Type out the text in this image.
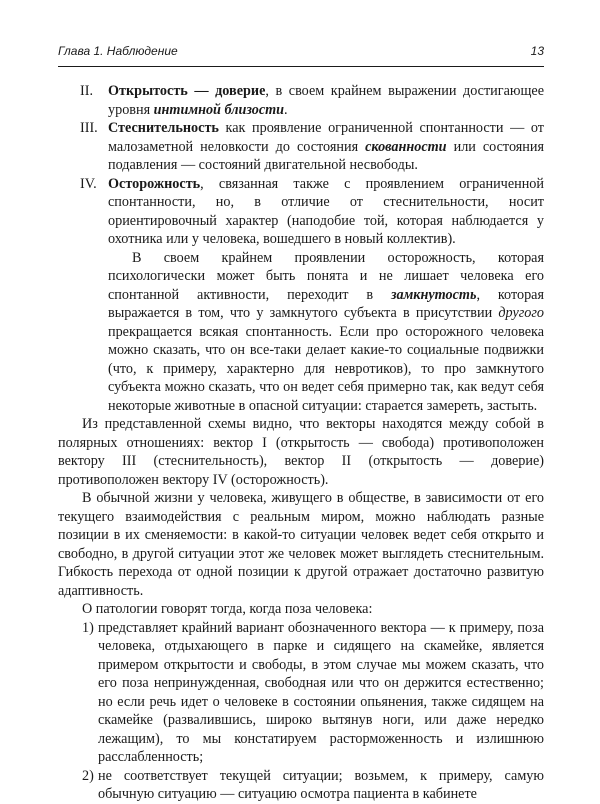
Глава 1. Наблюдение	13

II. Открытость — доверие, в своем крайнем выражении достигающее уровня интимной близости.

III. Стеснительность как проявление ограниченной спонтанности — от малозаметной неловкости до состояния скованности или состояния подавления — состояний двигательной несвободы.

IV. Осторожность, связанная также с проявлением ограниченной спонтанности, но, в отличие от стеснительности, носит ориентировочный характер (наподобие той, которая наблюдается у охотника или у человека, вошедшего в новый коллектив).

В своем крайнем проявлении осторожность, которая психологически может быть понята и не лишает человека его спонтанной активности, переходит в замкнутость, которая выражается в том, что у замкнутого субъекта в присутствии другого прекращается всякая спонтанность. Если про осторожного человека можно сказать, что он все-таки делает какие-то социальные подвижки (что, к примеру, характерно для невротиков), то про замкнутого субъекта можно сказать, что он ведет себя примерно так, как ведут себя некоторые животные в опасной ситуации: старается замереть, застыть.

Из представленной схемы видно, что векторы находятся между собой в полярных отношениях: вектор I (открытость — свобода) противоположен вектору III (стеснительность), вектор II (открытость — доверие) противоположен вектору IV (осторожность).

В обычной жизни у человека, живущего в обществе, в зависимости от его текущего взаимодействия с реальным миром, можно наблюдать разные позиции в их сменяемости: в какой-то ситуации человек ведет себя открыто и свободно, в другой ситуации этот же человек может выглядеть стеснительным. Гибкость перехода от одной позиции к другой отражает достаточно развитую адаптивность.

О патологии говорят тогда, когда поза человека:

1) представляет крайний вариант обозначенного вектора — к примеру, поза человека, отдыхающего в парке и сидящего на скамейке, является примером открытости и свободы, в этом случае мы можем сказать, что его поза непринужденная, свободная или что он держится естественно; но если речь идет о человеке в состоянии опьянения, также сидящем на скамейке (развалившись, широко вытянув ноги, или даже нередко лежащим), то мы констатируем расторможенность и излишнюю расслабленность;

2) не соответствует текущей ситуации; возьмем, к примеру, самую обычную ситуацию — ситуацию осмотра пациента в кабинете
